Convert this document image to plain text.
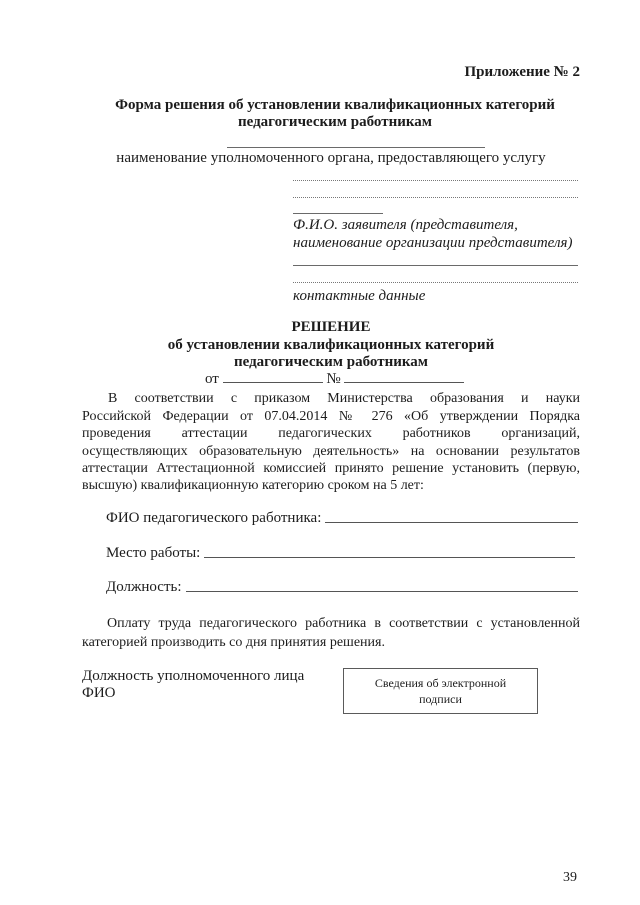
Приложение № 2
Форма решения об установлении квалификационных категорий
педагогическим работникам
наименование уполномоченного органа, предоставляющего услугу
Ф.И.О. заявителя (представителя,
наименование организации представителя)
контактные данные
РЕШЕНИЕ
об установлении квалификационных категорий
педагогическим работникам
от	№
В соответствии с приказом Министерства образования и науки
Российской Федерации от 07.04.2014 № 276 «Об утверждении Порядка
проведения аттестации педагогических работников организаций,
осуществляющих образовательную деятельность» на основании результатов
аттестации Аттестационной комиссией принято решение установить (первую,
высшую) квалификационную категорию сроком на 5 лет:
ФИО педагогического работника:
Место работы:
Должность:
Оплату труда педагогического работника в соответствии с установленной
категорией производить со дня принятия решения.
Должность уполномоченного лица
ФИО
Сведения об электронной
подписи
39
